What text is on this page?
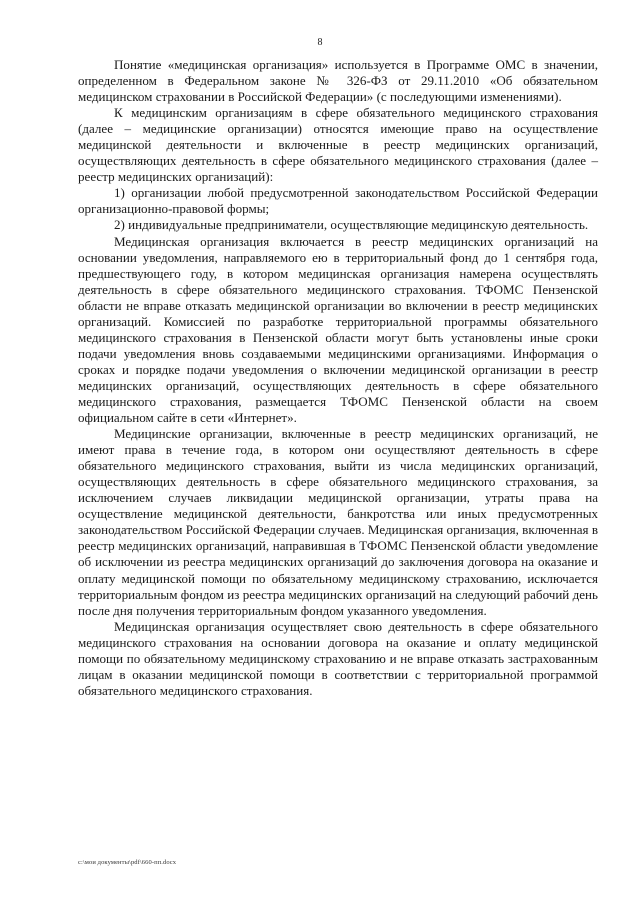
8

Понятие «медицинская организация» используется в Программе ОМС в значении, определенном в Федеральном законе № 326-ФЗ от 29.11.2010 «Об обязательном медицинском страховании в Российской Федерации» (с последующими изменениями).

К медицинским организациям в сфере обязательного медицинского страхования (далее – медицинские организации) относятся имеющие право на осуществление медицинской деятельности и включенные в реестр медицинских организаций, осуществляющих деятельность в сфере обязательного медицинского страхования (далее – реестр медицинских организаций):

1) организации любой предусмотренной законодательством Российской Федерации организационно-правовой формы;

2) индивидуальные предприниматели, осуществляющие медицинскую деятельность.

Медицинская организация включается в реестр медицинских организаций на основании уведомления, направляемого ею в территориальный фонд до 1 сентября года, предшествующего году, в котором медицинская организация намерена осуществлять деятельность в сфере обязательного медицинского страхования. ТФОМС Пензенской области не вправе отказать медицинской организации во включении в реестр медицинских организаций. Комиссией по разработке территориальной программы обязательного медицинского страхования в Пензенской области могут быть установлены иные сроки подачи уведомления вновь создаваемыми медицинскими организациями. Информация о сроках и порядке подачи уведомления о включении медицинской организации в реестр медицинских организаций, осуществляющих деятельность в сфере обязательного медицинского страхования, размещается ТФОМС Пензенской области на своем официальном сайте в сети «Интернет».

Медицинские организации, включенные в реестр медицинских организаций, не имеют права в течение года, в котором они осуществляют деятельность в сфере обязательного медицинского страхования, выйти из числа медицинских организаций, осуществляющих деятельность в сфере обязательного медицинского страхования, за исключением случаев ликвидации медицинской организации, утраты права на осуществление медицинской деятельности, банкротства или иных предусмотренных законодательством Российской Федерации случаев. Медицинская организация, включенная в реестр медицинских организаций, направившая в ТФОМС Пензенской области уведомление об исключении из реестра медицинских организаций до заключения договора на оказание и оплату медицинской помощи по обязательному медицинскому страхованию, исключается территориальным фондом из реестра медицинских организаций на следующий рабочий день после дня получения территориальным фондом указанного уведомления.

Медицинская организация осуществляет свою деятельность в сфере обязательного медицинского страхования на основании договора на оказание и оплату медицинской помощи по обязательному медицинскому страхованию и не вправе отказать застрахованным лицам в оказании медицинской помощи в соответствии с территориальной программой обязательного медицинского страхования.

c:\мои документы\pdf\660-пп.docx
